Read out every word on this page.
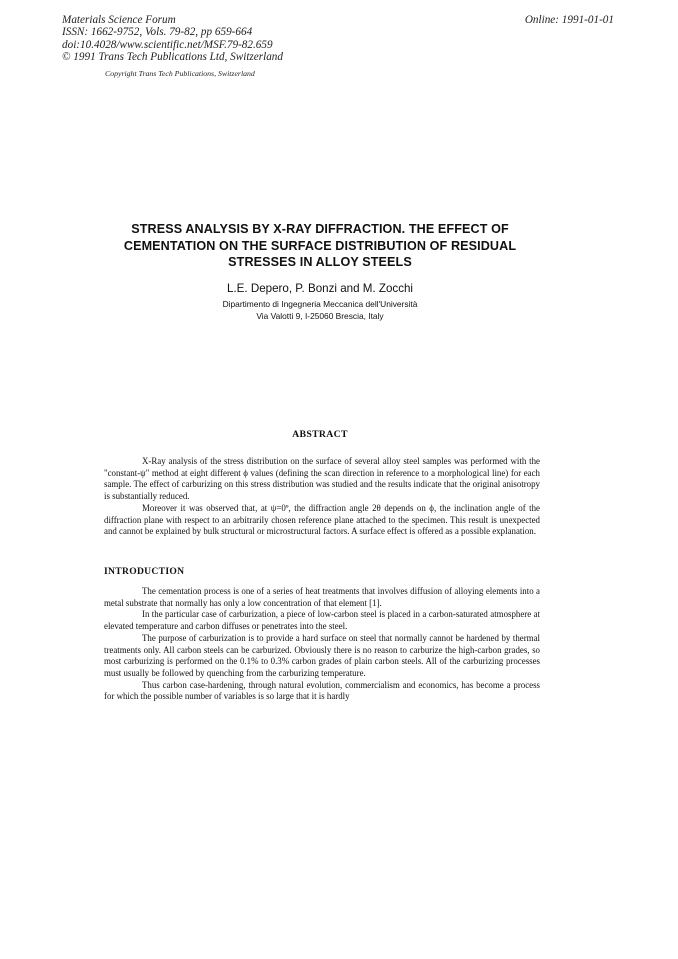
Materials Science Forum
ISSN: 1662-9752, Vols. 79-82, pp 659-664
doi:10.4028/www.scientific.net/MSF.79-82.659
© 1991 Trans Tech Publications Ltd, Switzerland
Online: 1991-01-01
Copyright Trans Tech Publications, Switzerland
STRESS ANALYSIS BY X-RAY DIFFRACTION. THE EFFECT OF
CEMENTATION ON THE SURFACE DISTRIBUTION OF RESIDUAL
STRESSES IN ALLOY STEELS
L.E. Depero, P. Bonzi and M. Zocchi
Dipartimento di Ingegneria Meccanica dell'Università
Via Valotti 9, I-25060 Brescia, Italy
ABSTRACT

X-Ray analysis of the stress distribution on the surface of several alloy steel samples was performed with the "constant-ψ" method at eight different ϕ values (defining the scan direction in reference to a morphological line) for each sample. The effect of carburizing on this stress distribution was studied and the results indicate that the original anisotropy is substantially reduced.

Moreover it was observed that, at ψ=0º, the diffraction angle 2θ depends on ϕ, the inclination angle of the diffraction plane with respect to an arbitrarily chosen reference plane attached to the specimen. This result is unexpected and cannot be explained by bulk structural or microstructural factors. A surface effect is offered as a possible explanation.

INTRODUCTION

The cementation process is one of a series of heat treatments that involves diffusion of alloying elements into a metal substrate that normally has only a low concentration of that element [1].

In the particular case of carburization, a piece of low-carbon steel is placed in a carbon-saturated atmosphere at elevated temperature and carbon diffuses or penetrates into the steel.

The purpose of carburization is to provide a hard surface on steel that normally cannot be hardened by thermal treatments only. All carbon steels can be carburized. Obviously there is no reason to carburize the high-carbon grades, so most carburizing is performed on the 0.1% to 0.3% carbon grades of plain carbon steels. All of the carburizing processes must usually be followed by quenching from the carburizing temperature.

Thus carbon case-hardening, through natural evolution, commercialism and economics, has become a process for which the possible number of variables is so large that it is hardly
